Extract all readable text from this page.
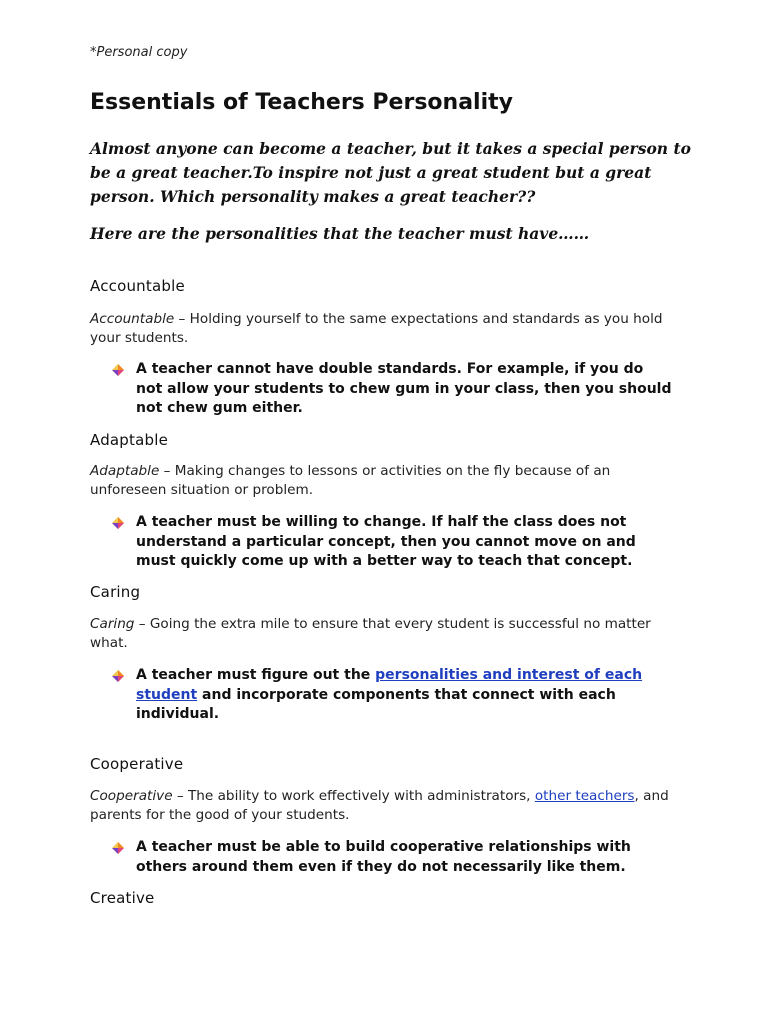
*Personal copy
Essentials of Teachers Personality

Almost anyone can become a teacher, but it takes a special person to be a great teacher.To inspire not just a great student but a great person. Which personality makes a great teacher??

Here are the personalities that the teacher must have……

Accountable

Accountable – Holding yourself to the same expectations and standards as you hold your students.

A teacher cannot have double standards. For example, if you do not allow your students to chew gum in your class, then you should not chew gum either.
Adaptable

Adaptable – Making changes to lessons or activities on the fly because of an unforeseen situation or problem.

A teacher must be willing to change. If half the class does not understand a particular concept, then you cannot move on and must quickly come up with a better way to teach that concept.
Caring

Caring – Going the extra mile to ensure that every student is successful no matter what.

A teacher must figure out the personalities and interest of each student and incorporate components that connect with each individual.
Cooperative

Cooperative – The ability to work effectively with administrators, other teachers, and parents for the good of your students.

A teacher must be able to build cooperative relationships with others around them even if they do not necessarily like them.
Creative
